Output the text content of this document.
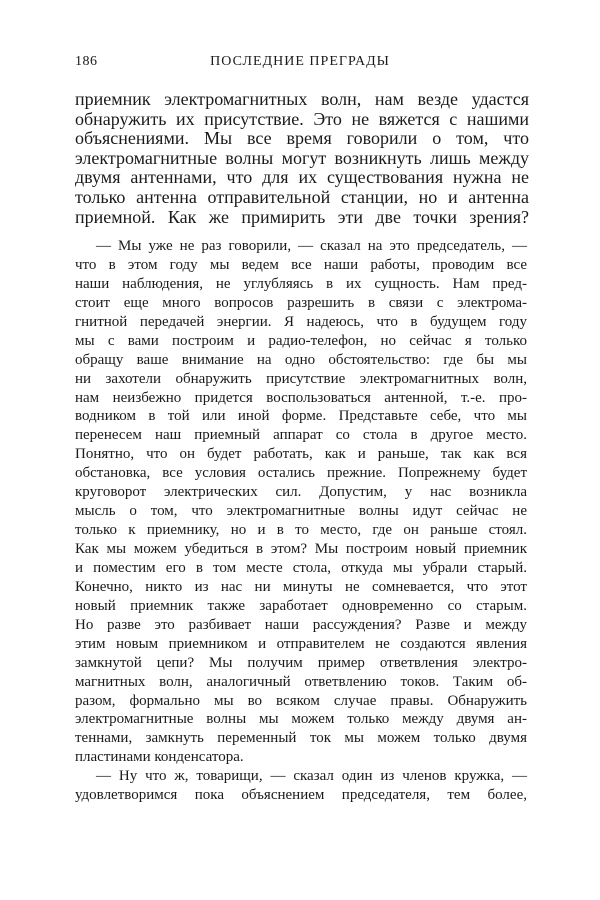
186	ПОСЛЕДНИЕ ПРЕГРАДЫ
приемник электромагнитных волн, нам везде удастся
обнаружить их присутствие. Это не вяжется с нашими
объяснениями. Мы все время говорили о том, что
электромагнитные волны могут возникнуть лишь между
двумя антеннами, что для их существования нужна не
только антенна отправительной станции, но и антенна
приемной. Как же примирить эти две точки зрения?
— Мы уже не раз говорили, — сказал на это председатель, —
что в этом году мы ведем все наши работы, проводим все
наши наблюдения, не углубляясь в их сущность. Нам пред-
стоит еще много вопросов разрешить в связи с электрома-
гнитной передачей энергии. Я надеюсь, что в будущем году
мы с вами построим и радио-телефон, но сейчас я только
обращу ваше внимание на одно обстоятельство: где бы мы
ни захотели обнаружить присутствие электромагнитных волн,
нам неизбежно придется воспользоваться антенной, т.-е. про-
водником в той или иной форме. Представьте себе, что мы
перенесем наш приемный аппарат со стола в другое место.
Понятно, что он будет работать, как и раньше, так как вся
обстановка, все условия остались прежние. Попрежнему будет
круговорот электрических сил. Допустим, у нас возникла
мысль о том, что электромагнитные волны идут сейчас не
только к приемнику, но и в то место, где он раньше стоял.
Как мы можем убедиться в этом? Мы построим новый приемник
и поместим его в том месте стола, откуда мы убрали старый.
Конечно, никто из нас ни минуты не сомневается, что этот
новый приемник также заработает одновременно со старым.
Но разве это разбивает наши рассуждения? Разве и между
этим новым приемником и отправителем не создаются явления
замкнутой цепи? Мы получим пример ответвления электро-
магнитных волн, аналогичный ответвлению токов. Таким об-
разом, формально мы во всяком случае правы. Обнаружить
электромагнитные волны мы можем только между двумя ан-
теннами, замкнуть переменный ток мы можем только двумя
пластинами конденсатора.
— Ну что ж, товарищи, — сказал один из членов кружка, —
удовлетворимся пока объяснением председателя, тем более,
